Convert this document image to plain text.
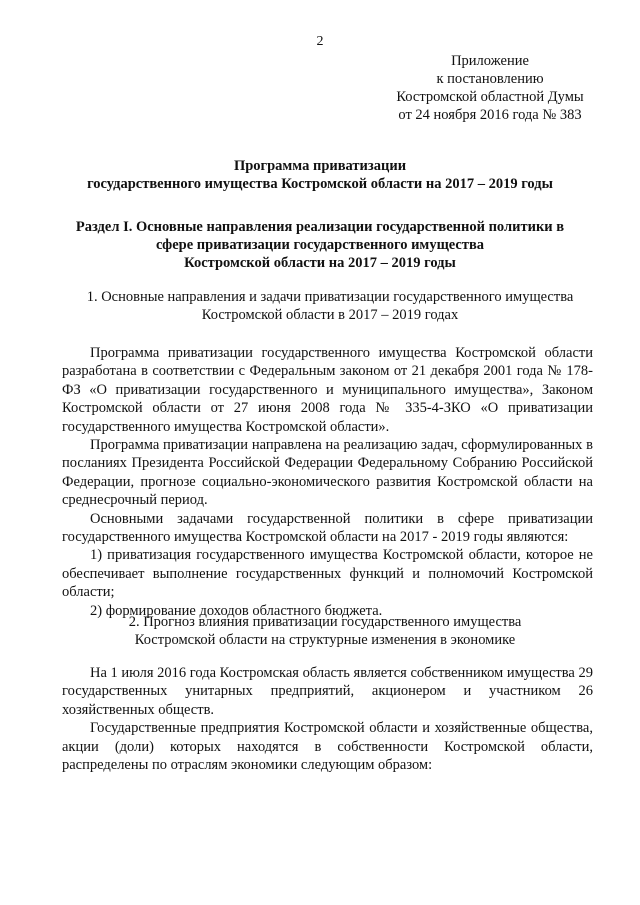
2
Приложение
к постановлению
Костромской областной Думы
от 24 ноября 2016 года № 383
Программа приватизации
государственного имущества Костромской области на 2017 – 2019 годы
Раздел I. Основные направления реализации государственной политики в
сфере приватизации государственного имущества
Костромской области на 2017 – 2019 годы
1. Основные направления и задачи приватизации государственного имущества
Костромской области в 2017 – 2019 годах

Программа приватизации государственного имущества Костромской области разработана в соответствии с Федеральным законом от 21 декабря 2001 года № 178-ФЗ «О приватизации государственного и муниципального имущества», Законом Костромской области от 27 июня 2008 года № 335-4-ЗКО «О приватизации государственного имущества Костромской области».

Программа приватизации направлена на реализацию задач, сформулированных в посланиях Президента Российской Федерации Федеральному Собранию Российской Федерации, прогнозе социально-экономического развития Костромской области на среднесрочный период.

Основными задачами государственной политики в сфере приватизации государственного имущества Костромской области на 2017 - 2019 годы являются:

1) приватизация государственного имущества Костромской области, которое не обеспечивает выполнение государственных функций и полномочий Костромской области;

2) формирование доходов областного бюджета.

2. Прогноз влияния приватизации государственного имущества
Костромской области на структурные изменения в экономике

На 1 июля 2016 года Костромская область является собственником имущества 29 государственных унитарных предприятий, акционером и участником 26 хозяйственных обществ.

Государственные предприятия Костромской области и хозяйственные общества, акции (доли) которых находятся в собственности Костромской области, распределены по отраслям экономики следующим образом:
